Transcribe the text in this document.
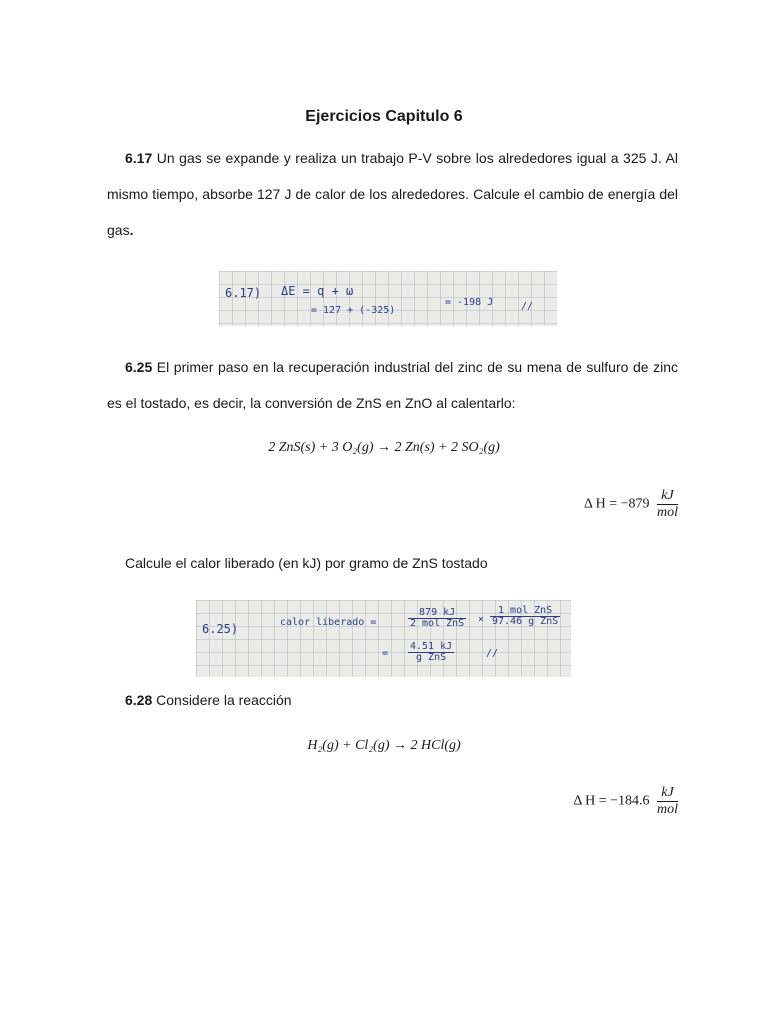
Ejercicios Capitulo 6
6.17 Un gas se expande y realiza un trabajo P-V sobre los alrededores igual a 325 J. Al mismo tiempo, absorbe 127 J de calor de los alrededores. Calcule el cambio de energía del gas.
6.17) ΔE = q + ω
= 127 + (-325)
= -198 J	//
6.25 El primer paso en la recuperación industrial del zinc de su mena de sulfuro de zinc es el tostado, es decir, la conversión de ZnS en ZnO al calentarlo:
2 ZnS(s) + 3 O₂(g) → 2 Zn(s) + 2 SO₂(g)
Δ $H = -879 \frac{kJ}{\text{mol}}$
Calcule el calor liberado (en kJ) por gramo de ZnS tostado
6.25)	calor liberado =
879 kJ
2 mol ZnS ×
1 mol ZnS
97.46 g ZnS
=
4.51 kJ
g ZnS	//
6.28 Considere la reacción
H₂(g) + Cl₂(g) → 2 HCl(g)
Δ $H = -184.6 \frac{kJ}{\text{mol}}$
